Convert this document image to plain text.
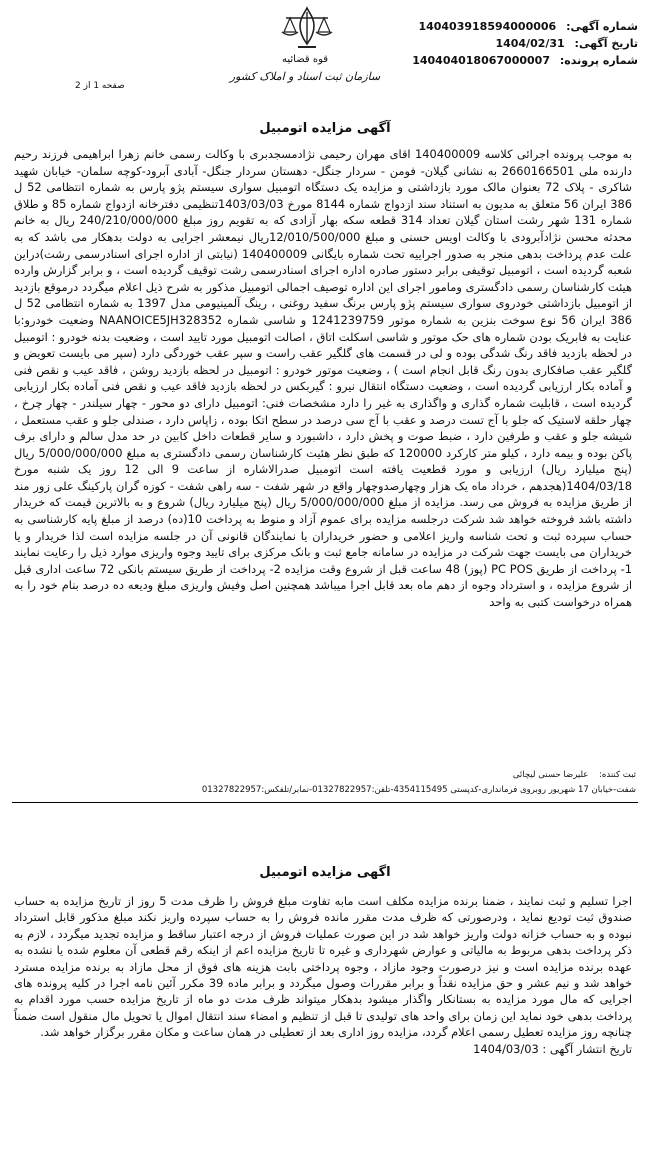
قوه قضائیه
سازمان ثبت اسناد و املاک کشور
شماره آگهی: 140403918594000006
تاریخ آگهی: 1404/02/31
شماره پرونده: 140404018067000007
صفحه 1 از 2
آگهی مزایده اتومبیل

به موجب پرونده اجرائی کلاسه 140400009 اقای مهران رحیمی نژادمسجدبری با وکالت رسمی خانم زهرا ابراهیمی فرزند رحیم دارنده ملی 2660166501 به نشانی گیلان- فومن - سردار جنگل- دهستان سردار جنگل- آبادی آبرود-کوچه سلمان- خیابان شهید شاکری - پلاک 72 بعنوان مالک مورد بازداشتی و مزایده یک دستگاه اتومبیل سواری سیستم پژو پارس به شماره انتظامی 52 ل 386 ایران 56 متعلق به مدیون به استناد سند ازدواج شماره 8144 مورخ 1403/03/03تنظیمی دفترخانه ازدواج شماره 85 و طلاق شماره 131 شهر رشت استان گیلان تعداد 314 قطعه سکه بهار آزادی که به تقویم روز مبلغ 240/210/000/000 ریال به خانم محدثه محسن نژادآبرودی با وکالت اویس حسنی و مبلغ 12/010/500/000ریال نیمعشر اجرایی به دولت بدهکار می باشد که به علت عدم پرداخت بدهی منجر به صدور اجراییه تحت شماره بایگانی 140400009 (نیابتی از اداره اجرای اسنادرسمی رشت)دراین شعبه گردیده است ، اتومبیل توقیفی برابر دستور صادره اداره اجرای اسنادرسمی رشت توقیف گردیده است ، و برابر گزارش وارده هیئت کارشناسان رسمی دادگستری ومامور اجرای این اداره توصیف اجمالی اتومبیل مذکور به شرح ذیل اعلام میگردد درموقع بازدید از اتومبیل بازداشتی خودروی سواری سیستم پژو پارس برنگ سفید روغنی ، رینگ آلمینیومی مدل 1397 به شماره انتظامی 52 ل 386 ایران 56 نوع سوخت بنزین به شماره موتور 1241239759 و شاسی شماره NAANOICE5JH328352 وضعیت خودرو:با عنایت به فابریک بودن شماره های حک موتور و شاسی اسکلت اتاق ، اصالت اتومبیل مورد تایید است ، وضعیت بدنه خودرو : اتومبیل در لحظه بازدید فاقد رنگ شدگی بوده و لی در قسمت های گلگیر عقب راست و سپر عقب خوردگی دارد (سپر می بایست تعویض و گلگیر عقب صافکاری بدون رنگ قابل انجام است ) ، وضعیت موتور خودرو : اتومبیل در لحظه بازدید روشن ، فاقد عیب و نقص فنی و آماده بکار ارزیابی گردیده است ، وضعیت دستگاه انتقال نیرو : گیربکس در لحظه بازدید فاقد عیب و نقص فنی آماده بکار ارزیابی گردیده است ، قابلیت شماره گذاری و واگذاری به غیر را دارد مشخصات فنی: اتومبیل دارای دو محور - چهار سیلندر - چهار چرخ ، چهار حلقه لاستیک که جلو با آج تست درصد و عقب با آج سی درصد در سطح اتکا بوده ، زاپاس دارد ، صندلی جلو و عقب مستعمل ، شیشه جلو و عقب و طرفین دارد ، ضبط صوت و پخش دارد ، داشبورد و سایر قطعات داخل کابین در حد مدل سالم و دارای برف پاکن بوده و بیمه دارد ، کیلو متر کارکرد 120000 که طبق نظر هئیت کارشناسان رسمی دادگستری به مبلغ 5/000/000/000 ریال (پنج میلیارد ریال) ارزیابی و مورد قطعیت یافته است اتومبیل صدرالاشاره از ساعت 9 الی 12 روز یک شنبه مورخ 1404/03/18(هجدهم ، خرداد ماه یک هزار وچهارصدوچهار واقع در شهر شفت - سه راهی شفت - کوزه گران پارکینگ علی زور مند از طریق مزایده به فروش می رسد. مزایده از مبلغ 5/000/000/000 ریال (پنج میلیارد ریال) شروع و به بالاترین قیمت که خریدار داشته باشد فروخته خواهد شد شرکت درجلسه مزایده برای عموم آزاد و منوط به پرداخت 10(ده) درصد از مبلغ پایه کارشناسی به حساب سپرده ثبت و تحت شناسه واریز اعلامی و حضور خریداران یا نمایندگان قانونی آن در جلسه مزایده است لذا خریدار و یا خریداران می بایست جهت شرکت در مزایده در سامانه جامع ثبت و بانک مرکزی برای تایید وجوه واریزی موارد ذیل را رعایت نمایند 1- پرداخت از طریق PC POS (پوز) 48 ساعت قبل از شروع وقت مزایده 2- پرداخت از طریق سیستم بانکی 72 ساعت اداری قبل از شروع مزایده ، و استرداد وجوه از دهم ماه بعد قابل اجرا میباشد همچنین اصل وفیش واریزی مبلغ ودیعه ده درصد بنام خود را به همراه درخواست کتبی به واحد

ثبت کننده: علیرضا حسنی لیچائی
شفت-خیابان 17 شهریور روبروی فرمانداری-کدپستی 4354115495-تلفن:01327822957-نمابر/تلفکس:01327822957
اگهی مزایده اتومبیل

اجرا تسلیم و ثبت نمایند ، ضمنا برنده مزایده مکلف است مابه تفاوت مبلغ فروش را ظرف مدت 5 روز از تاریخ مزایده به حساب صندوق ثبت تودیع نماید ، ودرصورتی که ظرف مدت مقرر مانده فروش را به حساب سپرده واریز نکند مبلغ مذکور قابل استرداد نبوده و به حساب خزانه دولت واریز خواهد شد در این صورت عملیات فروش از درجه اعتبار ساقط و مزایده تجدید میگردد ، لازم به ذکر پرداخت بدهی مربوط به مالیاتی و عوارض شهرداری و غیره تا تاریخ مزایده اعم از اینکه رقم قطعی آن معلوم شده یا نشده به عهده برنده مزایده است و نیز درصورت وجود مازاد ، وجوه پرداختی بابت هزینه های فوق از محل مازاد به برنده مزایده مسترد خواهد شد و نیم عشر و حق مزایده نقداً و برابر مقررات وصول میگردد و برابر ماده 39 مکرر آئین نامه اجرا در کلیه پرونده های اجرایی که مال مورد مزایده به بستانکار واگذار میشود بدهکار میتواند ظرف مدت دو ماه از تاریخ مزایده حسب مورد اقدام به پرداخت بدهی خود نماید این زمان برای واحد های تولیدی تا قبل از تنظیم و امضاء سند انتقال اموال یا تحویل مال منقول است ضمناً چنانچه روز مزایده تعطیل رسمی اعلام گردد، مزایده روز اداری بعد از تعطیلی در همان ساعت و مکان مقرر برگزار خواهد شد.

تاریخ انتشار آگهی : 1404/03/03
